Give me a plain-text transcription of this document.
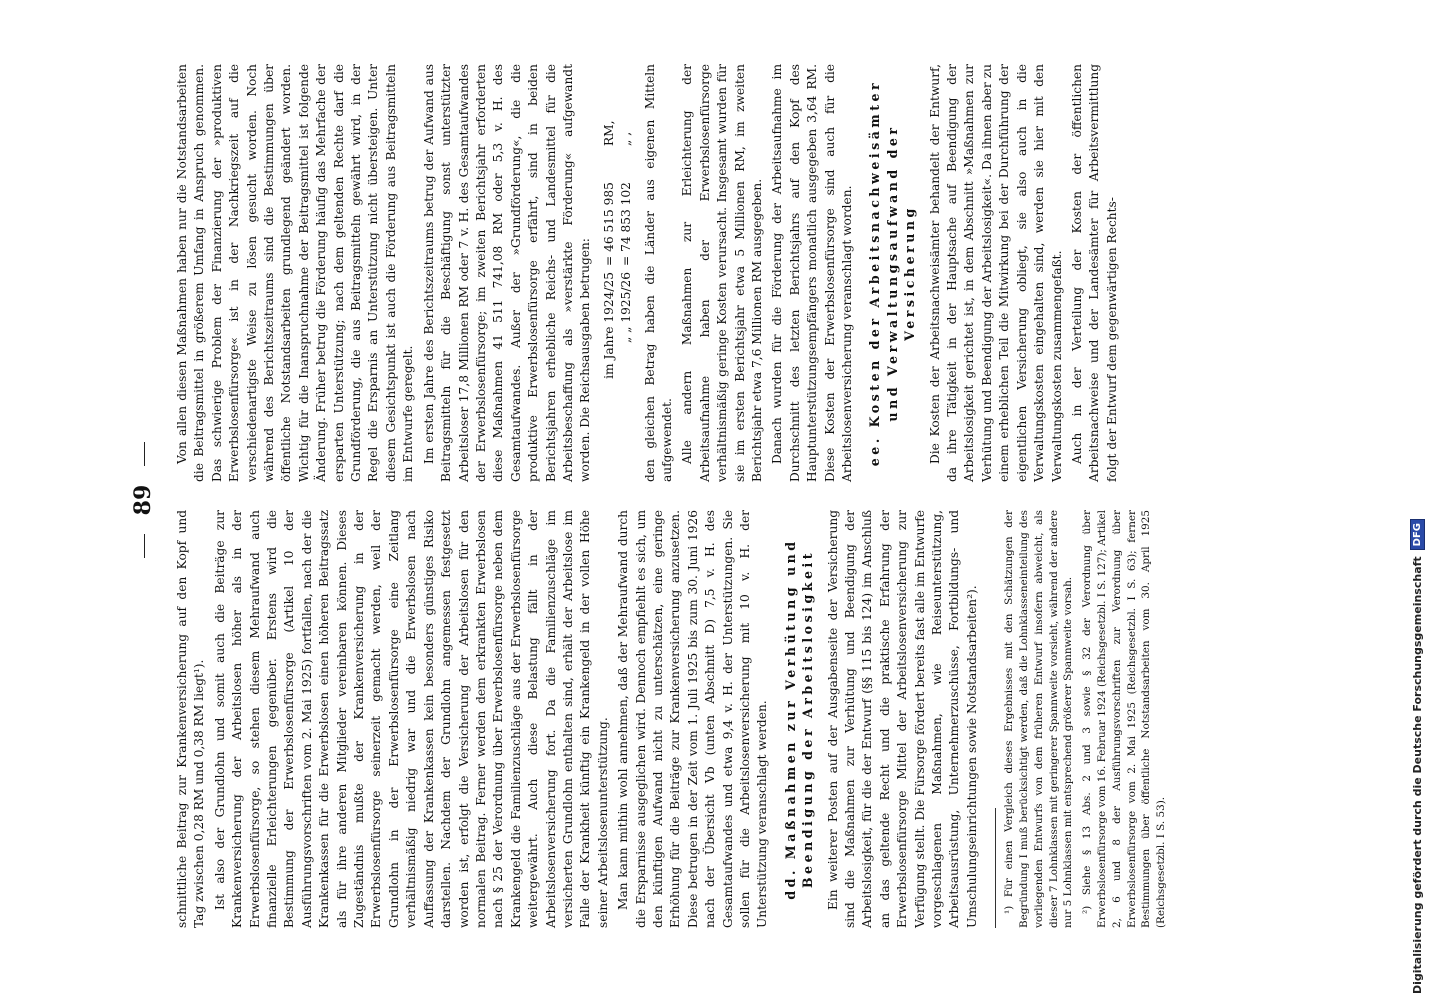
89

schnittliche Beitrag zur Krankenversicherung auf den Kopf und Tag zwischen 0,28 RM und 0,38 RM liegt¹). Ist also der Grundlohn und somit auch die Beiträge zur Krankenversicherung der Arbeitslosen höher als in der Erwerbslosenfürsorge, so stehen diesem Mehraufwand auch finanzielle Erleichterungen gegenüber. Erstens wird die Bestimmung der Erwerbslosenfürsorge (Artikel 10 der Ausführungsvorschriften vom 2. Mai 1925) fortfallen, nach der die Krankenkassen für die Erwerbslosen einen höheren Beitragssatz als für ihre anderen Mitglieder vereinbaren können. Dieses Zugeständnis mußte der Krankenversicherung in der Erwerbslosenfürsorge seinerzeit gemacht werden, weil der Grundlohn in der Erwerbslosenfürsorge eine Zeitlang verhältnismäßig niedrig war und die Erwerbslosen nach Auffassung der Krankenkassen kein besonders günstiges Risiko darstellen. Nachdem der Grundlohn angemessen festgesetzt worden ist, erfolgt die Versicherung der Arbeitslosen für den normalen Beitrag. Ferner werden dem erkrankten Erwerbslosen nach § 25 der Verordnung über Erwerbslosenfürsorge neben dem Krankengeld die Familienzuschläge aus der Erwerbslosenfürsorge weitergewährt. Auch diese Belastung fällt in der Arbeitslosenversicherung fort. Da die Familienzuschläge im versicherten Grundlohn enthalten sind, erhält der Arbeitslose im Falle der Krankheit künftig ein Krankengeld in der vollen Höhe seiner Arbeitslosenunterstützung. Man kann mithin wohl annehmen, daß der Mehraufwand durch die Ersparnisse ausgeglichen wird. Dennoch empfiehlt es sich, um den künftigen Aufwand nicht zu unterschätzen, eine geringe Erhöhung für die Beiträge zur Krankenversicherung anzusetzen. Diese betrugen in der Zeit vom 1. Juli 1925 bis zum 30. Juni 1926 nach der Übersicht Vb (unten Abschnitt D) 7,5 v. H. des Gesamtaufwandes und etwa 9,4 v. H. der Unterstützungen. Sie sollen für die Arbeitslosenversicherung mit 10 v. H. der Unterstützung veranschlagt werden. dd. Maßnahmen zur Verhütung und Beendigung der Arbeitslosigkeit Ein weiterer Posten auf der Ausgabenseite der Versicherung sind die Maßnahmen zur Verhütung und Beendigung der Arbeitslosigkeit, für die der Entwurf (§§ 115 bis 124) im Anschluß an das geltende Recht und die praktische Erfahrung der Erwerbslosenfürsorge Mittel der Arbeitslosenversicherung zur Verfügung stellt. Die Fürsorge fördert bereits fast alle im Entwurfe vorgeschlagenen Maßnahmen, wie Reiseunterstützung, Arbeitsausrüstung, Unternehmerzuschüsse, Fortbildungs- und Umschulungseinrichtungen sowie Notstandsarbeiten²). ¹) Für einen Vergleich dieses Ergebnisses mit den Schätzungen der Begründung I muß berücksichtigt werden, daß die Lohnklasseneinteilung des vorliegenden Entwurfs von dem früheren Entwurf insofern abweicht, als dieser 7 Lohnklassen mit geringerer Spannweite vorsieht, während der andere nur 5 Lohnklassen mit entsprechend größerer Spannweite vorsah. ²) Siehe § 13 Abs. 2 und 3 sowie § 32 der Verordnung über Erwerbslosenfürsorge vom 16. Februar 1924 (Reichsgesetzbl. I S. 127); Artikel 2, 6 und 8 der Ausführungsvorschriften zur Verordnung über Erwerbslosenfürsorge vom 2. Mai 1925 (Reichsgesetzbl. I S. 63); ferner Bestimmungen über öffentliche Notstandsarbeiten vom 30. April 1925 (Reichsgesetzbl. I S. 53).

Von allen diesen Maßnahmen haben nur die Notstandsarbeiten die Beitragsmittel in größerem Umfang in Anspruch genommen. Das schwierige Problem der Finanzierung der »produktiven Erwerbslosenfürsorge« ist in der Nachkriegszeit auf die verschiedenartigste Weise zu lösen gesucht worden. Noch während des Berichtszeitraums sind die Bestimmungen über öffentliche Notstandsarbeiten grundlegend geändert worden. Wichtig für die Inanspruchnahme der Beitragsmittel ist folgende Änderung. Früher betrug die Förderung häufig das Mehrfache der ersparten Unterstützung; nach dem geltenden Rechte darf die Grundförderung, die aus Beitragsmitteln gewährt wird, in der Regel die Ersparnis an Unterstützung nicht übersteigen. Unter diesem Gesichtspunkt ist auch die Förderung aus Beitragsmitteln im Entwurfe geregelt. Im ersten Jahre des Berichtszeitraums betrug der Aufwand aus Beitragsmitteln für die Beschäftigung sonst unterstützter Arbeitsloser 17,8 Millionen RM oder 7 v. H. des Gesamtaufwandes der Erwerbslosenfürsorge; im zweiten Berichtsjahr erforderten diese Maßnahmen 41 511 741,08 RM oder 5,3 v. H. des Gesamtaufwandes. Außer der »Grundförderung«, die die produktive Erwerbslosenfürsorge erfährt, sind in beiden Berichtsjahren erhebliche Reichs- und Landesmittel für die Arbeitsbeschaffung als »verstärkte Förderung« aufgewandt worden. Die Reichsausgaben betrugen: im Jahre 1924/25
= 46 515 985
RM,
„ „ 1925/26
= 74 853 102
„ , den gleichen Betrag haben die Länder aus eigenen Mitteln aufgewendet. Alle andern Maßnahmen zur Erleichterung der Arbeitsaufnahme haben der Erwerbslosenfürsorge verhältnismäßig geringe Kosten verursacht. Insgesamt wurden für sie im ersten Berichtsjahr etwa 5 Millionen RM, im zweiten Berichtsjahr etwa 7,6 Millionen RM ausgegeben. Danach wurden für die Förderung der Arbeitsaufnahme im Durchschnitt des letzten Berichtsjahrs auf den Kopf des Hauptunterstützungsempfängers monatlich ausgegeben 3,64 RM. Diese Kosten der Erwerbslosenfürsorge sind auch für die Arbeitslosenversicherung veranschlagt worden. ee. Kosten der Arbeitsnachweisämter und Verwaltungsaufwand der Versicherung Die Kosten der Arbeitsnachweisämter behandelt der Entwurf, da ihre Tätigkeit in der Hauptsache auf Beendigung der Arbeitslosigkeit gerichtet ist, in dem Abschnitt »Maßnahmen zur Verhütung und Beendigung der Arbeitslosigkeit«. Da ihnen aber zu einem erheblichen Teil die Mitwirkung bei der Durchführung der eigentlichen Versicherung obliegt, sie also auch in die Verwaltungskosten eingehalten sind, werden sie hier mit den Verwaltungskosten zusammengefaßt. Auch in der Verteilung der Kosten der öffentlichen Arbeitsnachweise und der Landesämter für Arbeitsvermittlung folgt der Entwurf dem gegenwärtigen Rechts-

Digitalisierung gefördert durch die Deutsche Forschungsgemeinschaft
DFG
